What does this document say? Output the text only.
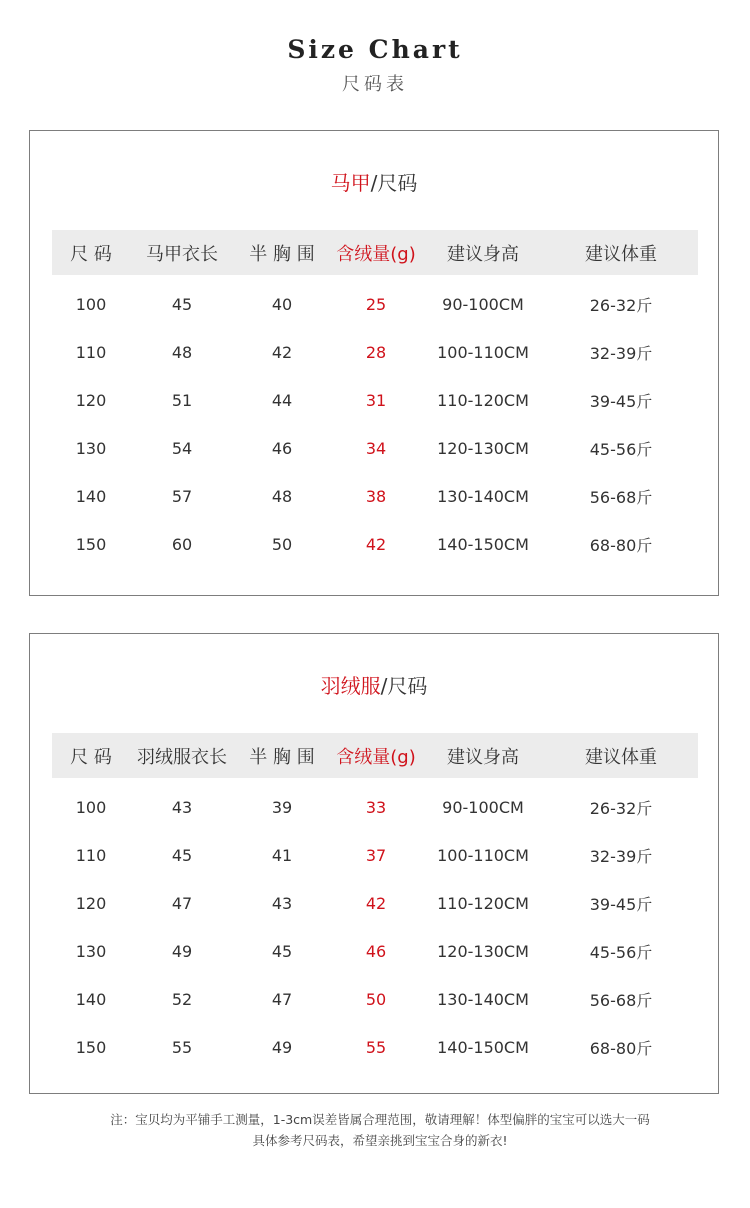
Size Chart
尺码表
马甲/尺码
尺 码	马甲衣长	半 胸 围	含绒量(g)	建议身高	建议体重
100	45	40	25	90-100CM	26-32斤
110	48	42	28	100-110CM	32-39斤
120	51	44	31	110-120CM	39-45斤
130	54	46	34	120-130CM	45-56斤
140	57	48	38	130-140CM	56-68斤
150	60	50	42	140-150CM	68-80斤
羽绒服/尺码
尺 码	羽绒服衣长	半 胸 围	含绒量(g)	建议身高	建议体重
100	43	39	33	90-100CM	26-32斤
110	45	41	37	100-110CM	32-39斤
120	47	43	42	110-120CM	39-45斤
130	49	45	46	120-130CM	45-56斤
140	52	47	50	130-140CM	56-68斤
150	55	49	55	140-150CM	68-80斤
注：宝贝均为平铺手工测量，1-3cm误差皆属合理范围，敬请理解！体型偏胖的宝宝可以选大一码
具体参考尺码表，希望亲挑到宝宝合身的新衣!
